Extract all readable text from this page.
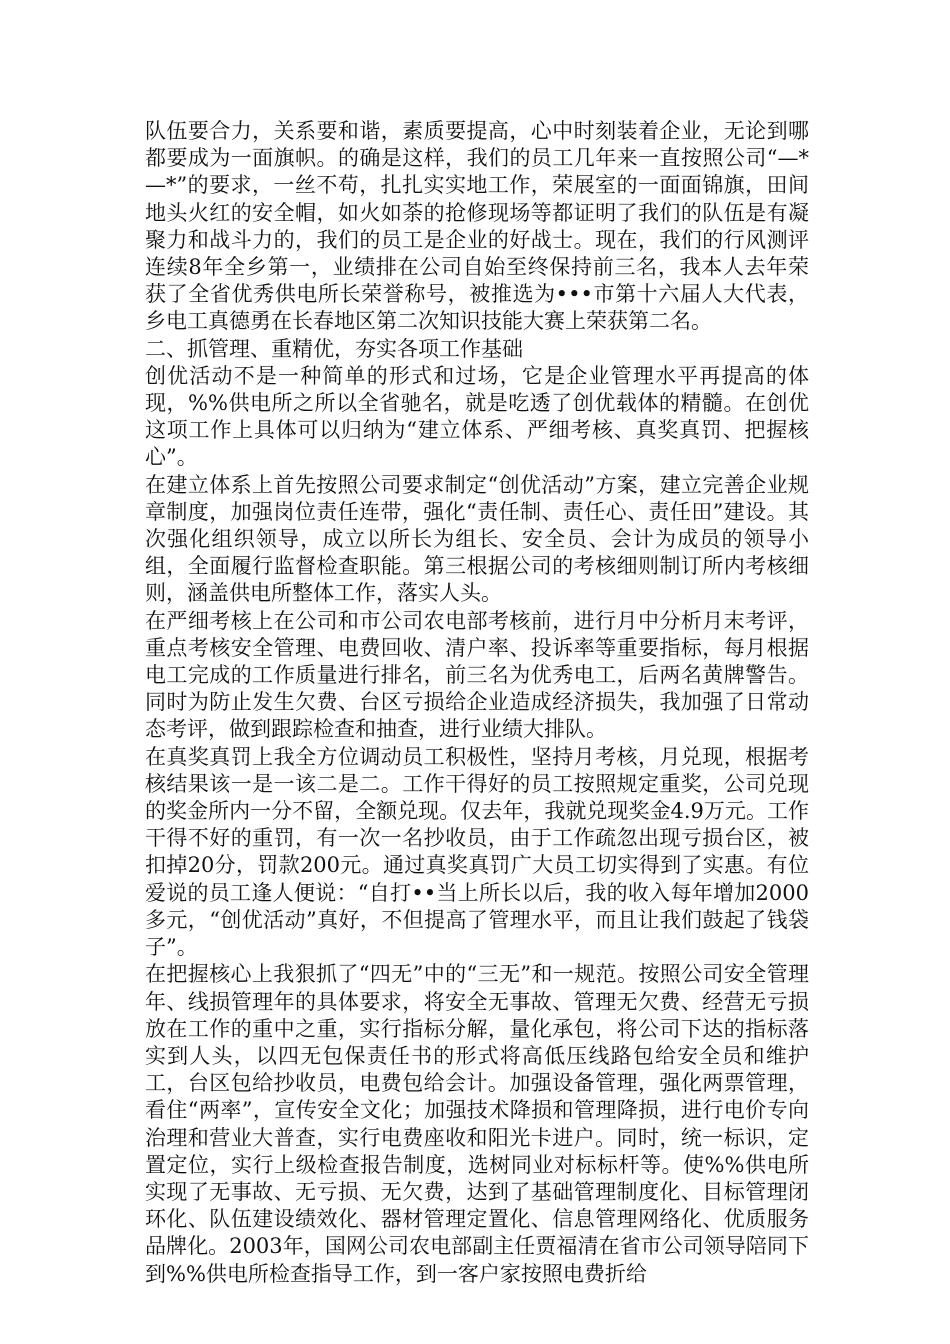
队伍要合力，关系要和谐，素质要提高，心中时刻装着企业，无论到哪都要成为一面旗帜。的确是这样，我们的员工几年来一直按照公司“—*—*”的要求，一丝不苟，扎扎实实地工作，荣展室的一面面锦旗，田间地头火红的安全帽，如火如荼的抢修现场等都证明了我们的队伍是有凝聚力和战斗力的，我们的员工是企业的好战士。现在，我们的行风测评连续8年全乡第一，业绩排在公司自始至终保持前三名，我本人去年荣获了全省优秀供电所长荣誉称号，被推选为•••市第十六届人大代表，乡电工真德勇在长春地区第二次知识技能大赛上荣获第二名。

二、抓管理、重精优，夯实各项工作基础

创优活动不是一种简单的形式和过场，它是企业管理水平再提高的体现，%%供电所之所以全省驰名，就是吃透了创优载体的精髓。在创优这项工作上具体可以归纳为“建立体系、严细考核、真奖真罚、把握核心”。

在建立体系上首先按照公司要求制定“创优活动”方案，建立完善企业规章制度，加强岗位责任连带，强化“责任制、责任心、责任田”建设。其次强化组织领导，成立以所长为组长、安全员、会计为成员的领导小组，全面履行监督检查职能。第三根据公司的考核细则制订所内考核细则，涵盖供电所整体工作，落实人头。

在严细考核上在公司和市公司农电部考核前，进行月中分析月末考评，重点考核安全管理、电费回收、清户率、投诉率等重要指标，每月根据电工完成的工作质量进行排名，前三名为优秀电工，后两名黄牌警告。同时为防止发生欠费、台区亏损给企业造成经济损失，我加强了日常动态考评，做到跟踪检查和抽查，进行业绩大排队。

在真奖真罚上我全方位调动员工积极性，坚持月考核，月兑现，根据考核结果该一是一该二是二。工作干得好的员工按照规定重奖，公司兑现的奖金所内一分不留，全额兑现。仅去年，我就兑现奖金4.9万元。工作干得不好的重罚，有一次一名抄收员，由于工作疏忽出现亏损台区，被扣掉20分，罚款200元。通过真奖真罚广大员工切实得到了实惠。有位爱说的员工逢人便说：“自打••当上所长以后，我的收入每年增加2000多元，“创优活动”真好，不但提高了管理水平，而且让我们鼓起了钱袋子”。

在把握核心上我狠抓了“四无”中的“三无”和一规范。按照公司安全管理年、线损管理年的具体要求，将安全无事故、管理无欠费、经营无亏损放在工作的重中之重，实行指标分解，量化承包，将公司下达的指标落实到人头，以四无包保责任书的形式将高低压线路包给安全员和维护工，台区包给抄收员，电费包给会计。加强设备管理，强化两票管理，看住“两率”，宣传安全文化；加强技术降损和管理降损，进行电价专向治理和营业大普查，实行电费座收和阳光卡进户。同时，统一标识，定置定位，实行上级检查报告制度，选树同业对标标杆等。使%%供电所实现了无事故、无亏损、无欠费，达到了基础管理制度化、目标管理闭环化、队伍建设绩效化、器材管理定置化、信息管理网络化、优质服务品牌化。2003年，国网公司农电部副主任贾福清在省市公司领导陪同下到%%供电所检查指导工作，到一客户家按照电费折给
